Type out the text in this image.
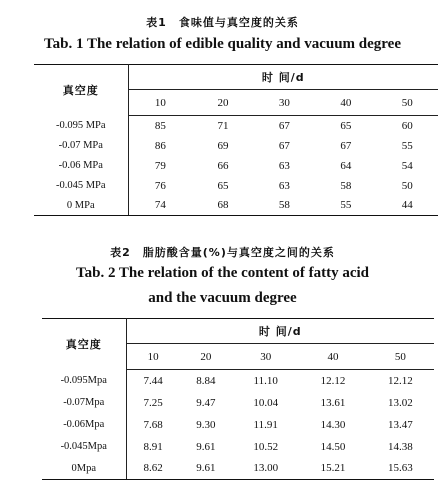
表1　食味值与真空度的关系
Tab. 1 The relation of edible quality and vacuum degree
真空度	时 间/d				
	10	20	30	40	50
-0.095 MPa	85	71	67	65	60
-0.07 MPa	86	69	67	67	55
-0.06 MPa	79	66	63	64	54
-0.045 MPa	76	65	63	58	50
0 MPa	74	68	58	55	44
表2　脂肪酸含量(%)与真空度之间的关系
Tab. 2 The relation of the content of fatty acid
and the vacuum degree
真空度	时 间/d				
	10	20	30	40	50
-0.095Mpa	7.44	8.84	11.10	12.12	12.12
-0.07Mpa	7.25	9.47	10.04	13.61	13.02
-0.06Mpa	7.68	9.30	11.91	14.30	13.47
-0.045Mpa	8.91	9.61	10.52	14.50	14.38
0Mpa	8.62	9.61	13.00	15.21	15.63
